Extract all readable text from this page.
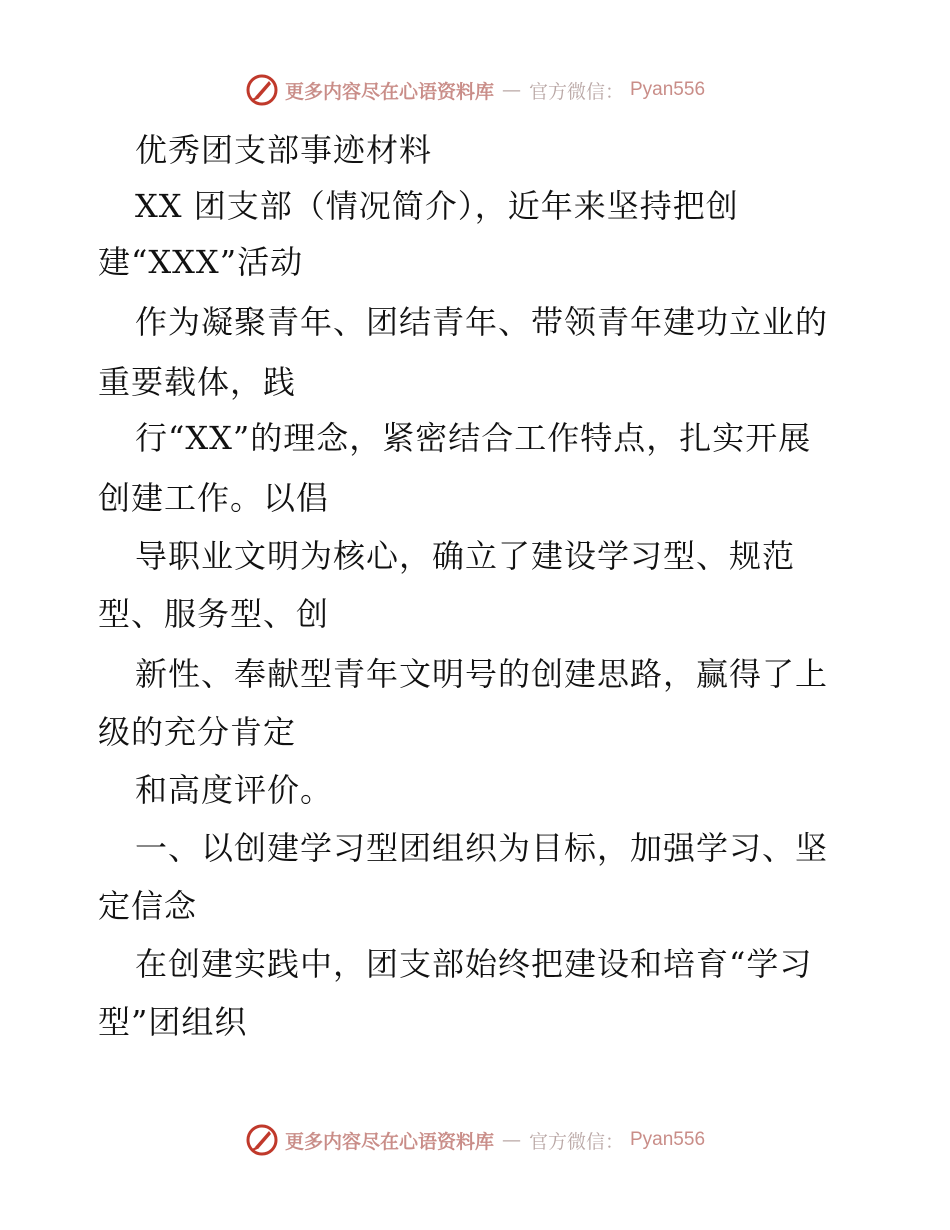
更多内容尽在心语资料库 — 官方微信： Pyan556
优秀团支部事迹材料
XX 团支部（情况简介），近年来坚持把创
建“XXX”活动
作为凝聚青年、团结青年、带领青年建功立业的
重要载体，践
行“XX”的理念，紧密结合工作特点，扎实开展
创建工作。以倡
导职业文明为核心，确立了建设学习型、规范
型、服务型、创
新性、奉献型青年文明号的创建思路，赢得了上
级的充分肯定
和高度评价。
一、以创建学习型团组织为目标，加强学习、坚
定信念
在创建实践中，团支部始终把建设和培育“学习
型”团组织
更多内容尽在心语资料库 — 官方微信： Pyan556
